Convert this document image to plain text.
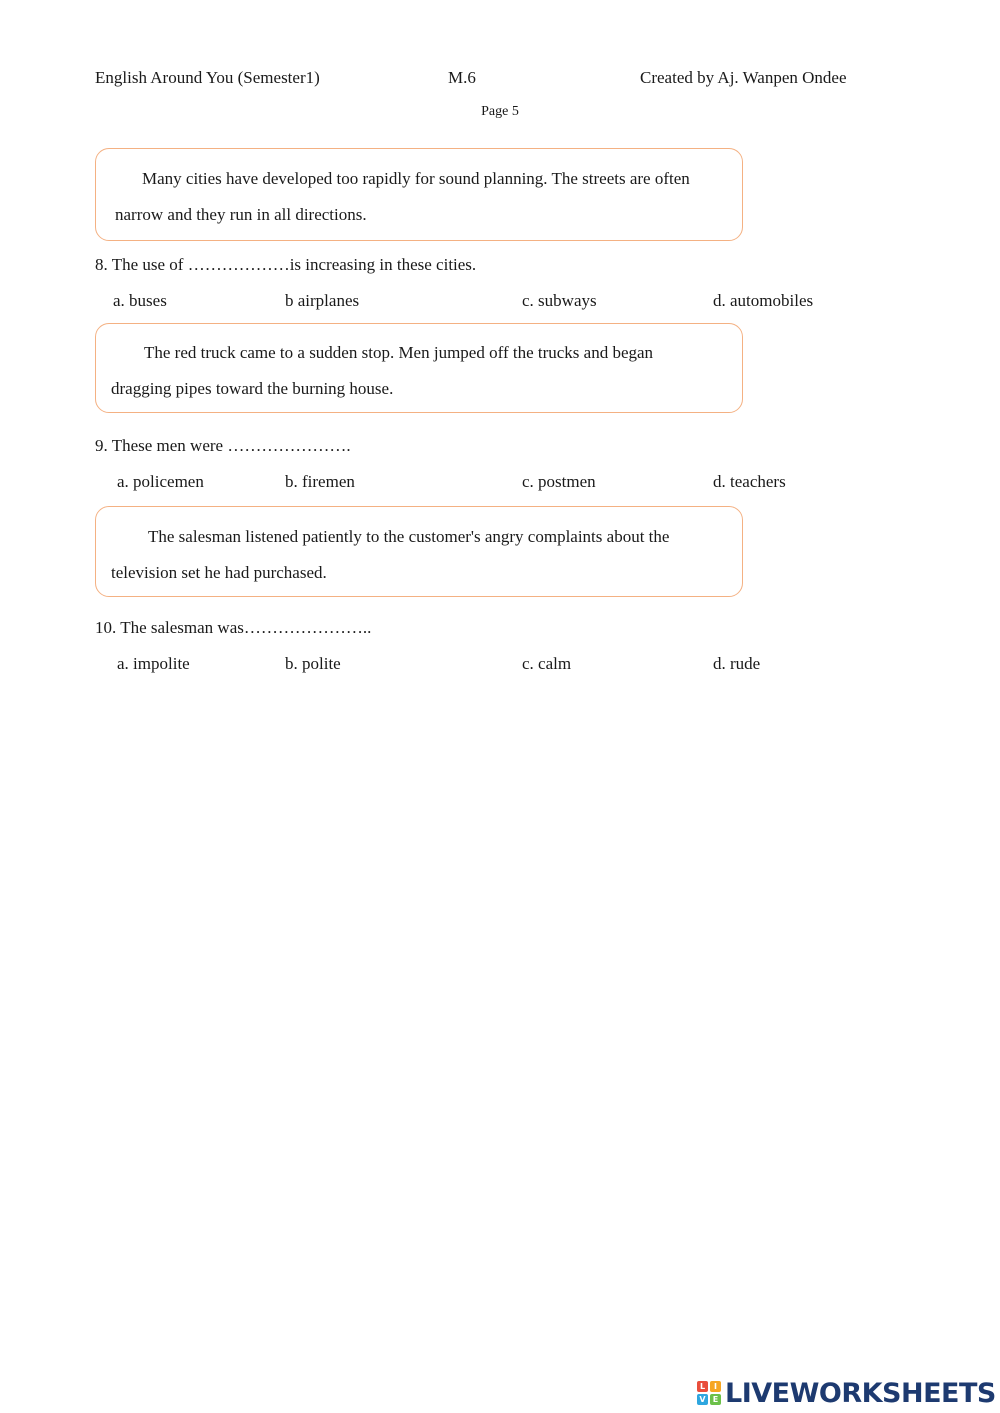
English Around You (Semester1)	M.6	Created by Aj. Wanpen Ondee
Page 5

Many cities have developed too rapidly for sound planning. The streets are often

narrow and they run in all directions.

8. The use of ………………is increasing in these cities.
a. buses	b airplanes	c. subways	d. automobiles

The red truck came to a sudden stop. Men jumped off the trucks and began

dragging pipes toward the burning house.

9. These men were ………………….
a. policemen	b. firemen	c. postmen	d. teachers

The salesman listened patiently to the customer's angry complaints about the

television set he had purchased.

10. The salesman was…………………..
a. impolite	b. polite	c. calm	d. rude
L	I
V E LIVEWORKSHEETS
